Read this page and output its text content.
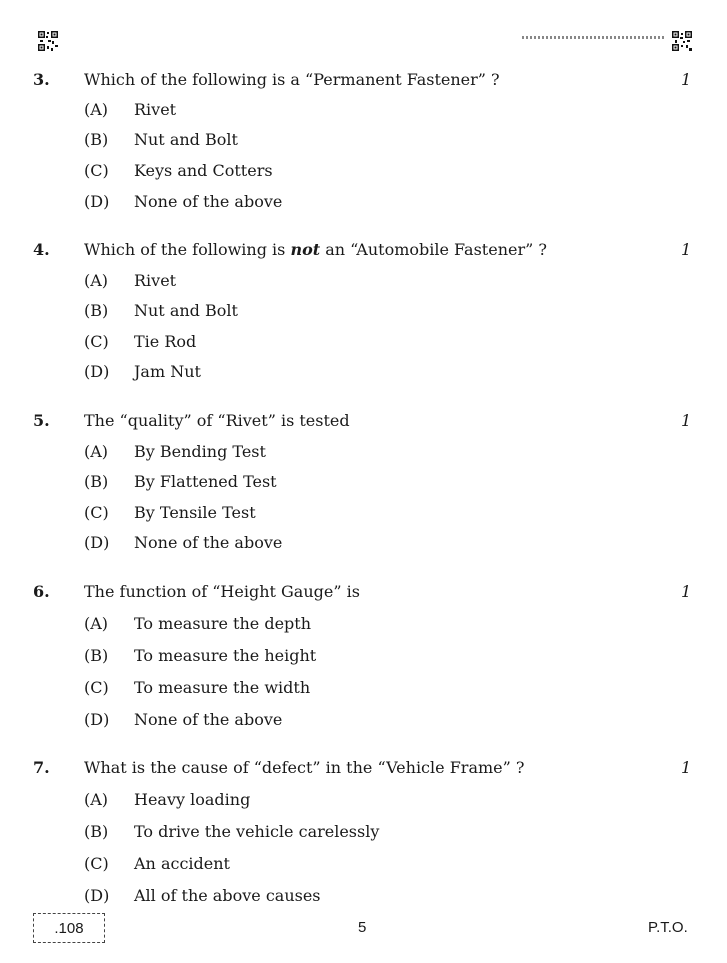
3. Which of the following is a “Permanent Fastener” ?	1
(A) Rivet
(B) Nut and Bolt
(C) Keys and Cotters
(D) None of the above
4. Which of the following is not an “Automobile Fastener” ?	1
(A) Rivet
(B) Nut and Bolt
(C) Tie Rod
(D) Jam Nut
5. The “quality” of “Rivet” is tested	1
(A) By Bending Test
(B) By Flattened Test
(C) By Tensile Test
(D) None of the above
6. The function of “Height Gauge” is	1
(A) To measure the depth
(B) To measure the height
(C) To measure the width
(D) None of the above
7. What is the cause of “defect” in the “Vehicle Frame” ?	1
(A) Heavy loading
(B) To drive the vehicle carelessly
(C) An accident
(D) All of the above causes
.108	5	P.T.O.
